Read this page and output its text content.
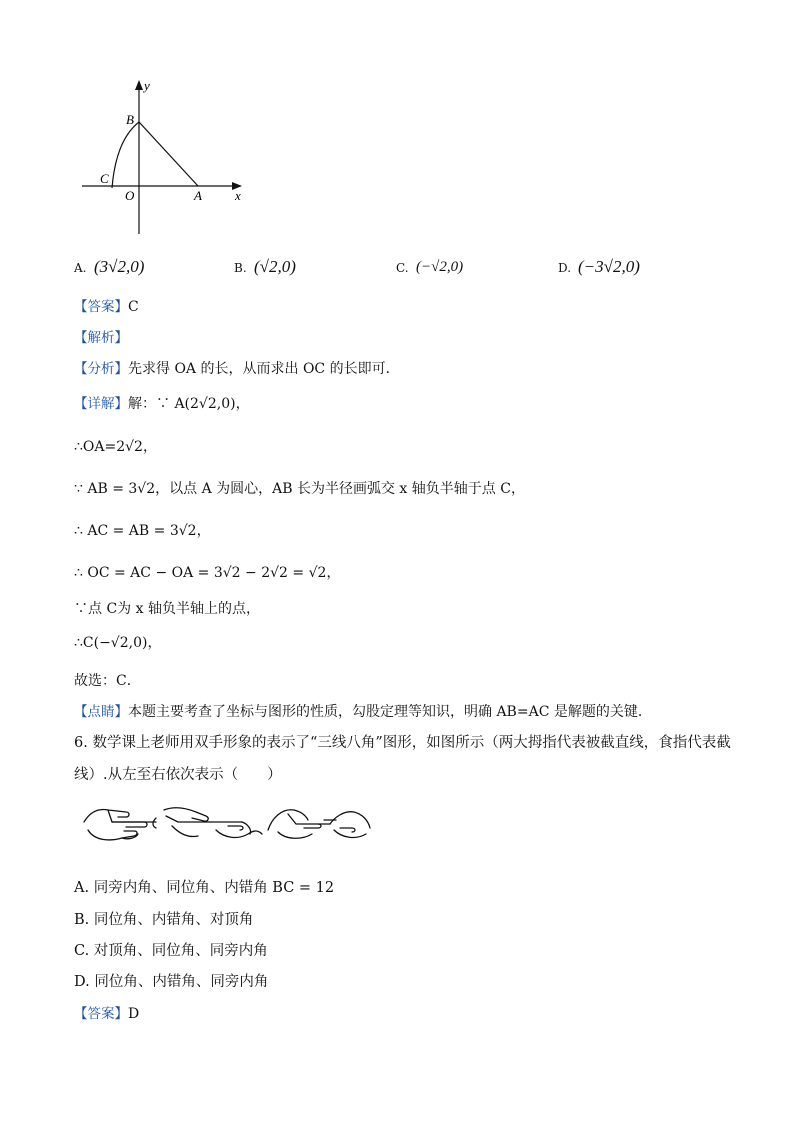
y
B
C
O	A	x
A. (3√2,0)	B. (√2,0)	C. (−√2,0)	D. (−3√2,0)
【答案】C
【解析】
【分析】先求得 OA 的长，从而求出 OC 的长即可．
【详解】解：∵ A(2√2,0)，
∴OA=2√2，
∵ AB = 3√2，以点 A 为圆心，AB 长为半径画弧交 x 轴负半轴于点 C，
∴ AC = AB = 3√2，
∴ OC = AC − OA = 3√2 − 2√2 = √2，
∵点 C为 x 轴负半轴上的点，
∴C(−√2,0)，
故选：C．
【点睛】本题主要考查了坐标与图形的性质，勾股定理等知识，明确 AB=AC 是解题的关键．
6. 数学课上老师用双手形象的表示了“三线八角”图形，如图所示（两大拇指代表被截直线，食指代表截
线）.从左至右依次表示（　　）
A. 同旁内角、同位角、内错角 BC = 12
B. 同位角、内错角、对顶角
C. 对顶角、同位角、同旁内角
D. 同位角、内错角、同旁内角
【答案】D
